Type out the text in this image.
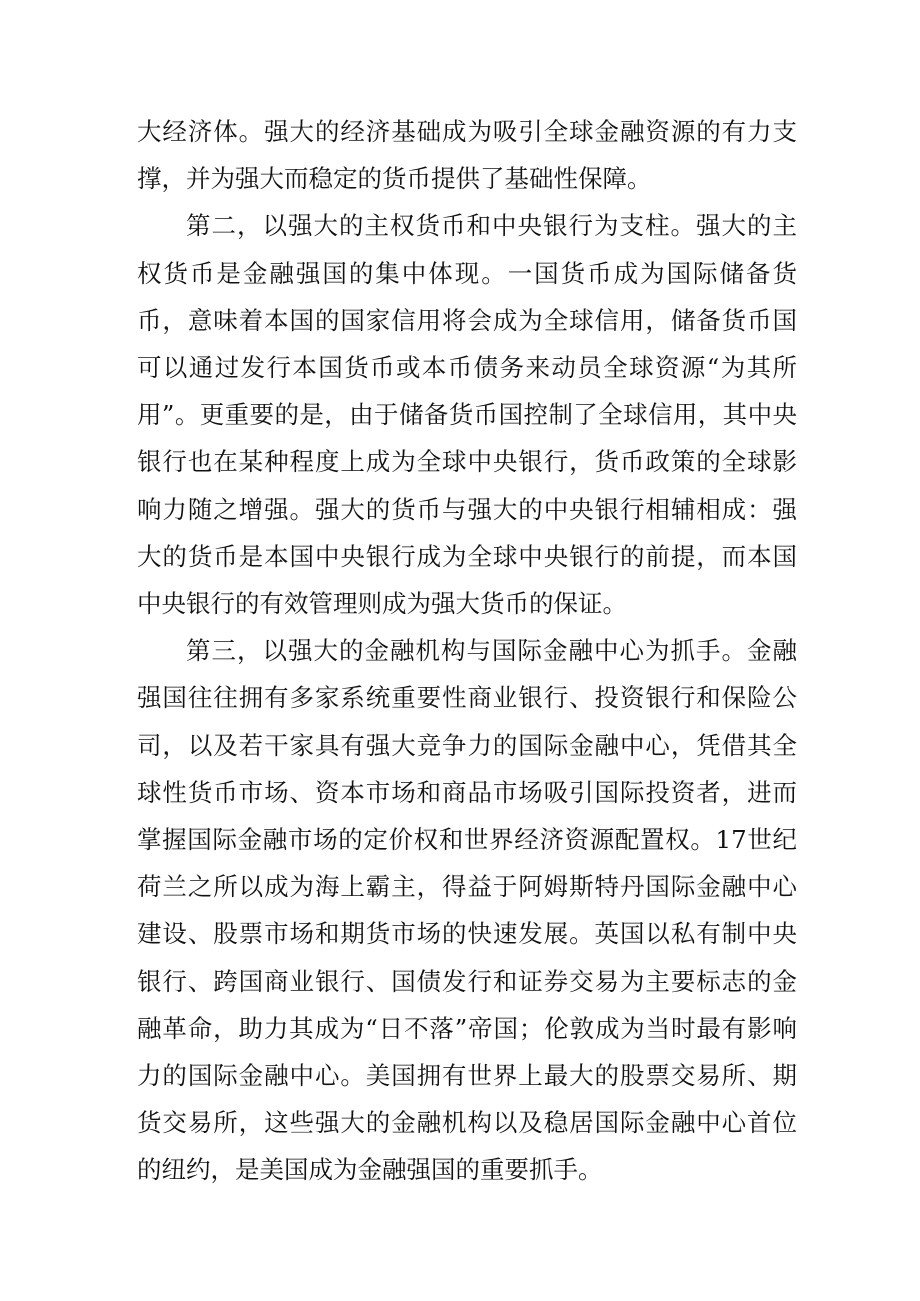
大经济体。强大的经济基础成为吸引全球金融资源的有力支撑，并为强大而稳定的货币提供了基础性保障。

第二，以强大的主权货币和中央银行为支柱。强大的主权货币是金融强国的集中体现。一国货币成为国际储备货币，意味着本国的国家信用将会成为全球信用，储备货币国可以通过发行本国货币或本币债务来动员全球资源“为其所用”。更重要的是，由于储备货币国控制了全球信用，其中央银行也在某种程度上成为全球中央银行，货币政策的全球影响力随之增强。强大的货币与强大的中央银行相辅相成：强大的货币是本国中央银行成为全球中央银行的前提，而本国中央银行的有效管理则成为强大货币的保证。

第三，以强大的金融机构与国际金融中心为抓手。金融强国往往拥有多家系统重要性商业银行、投资银行和保险公司，以及若干家具有强大竞争力的国际金融中心，凭借其全球性货币市场、资本市场和商品市场吸引国际投资者，进而掌握国际金融市场的定价权和世界经济资源配置权。17世纪荷兰之所以成为海上霸主，得益于阿姆斯特丹国际金融中心建设、股票市场和期货市场的快速发展。英国以私有制中央银行、跨国商业银行、国债发行和证券交易为主要标志的金融革命，助力其成为“日不落”帝国；伦敦成为当时最有影响力的国际金融中心。美国拥有世界上最大的股票交易所、期货交易所，这些强大的金融机构以及稳居国际金融中心首位的纽约，是美国成为金融强国的重要抓手。
